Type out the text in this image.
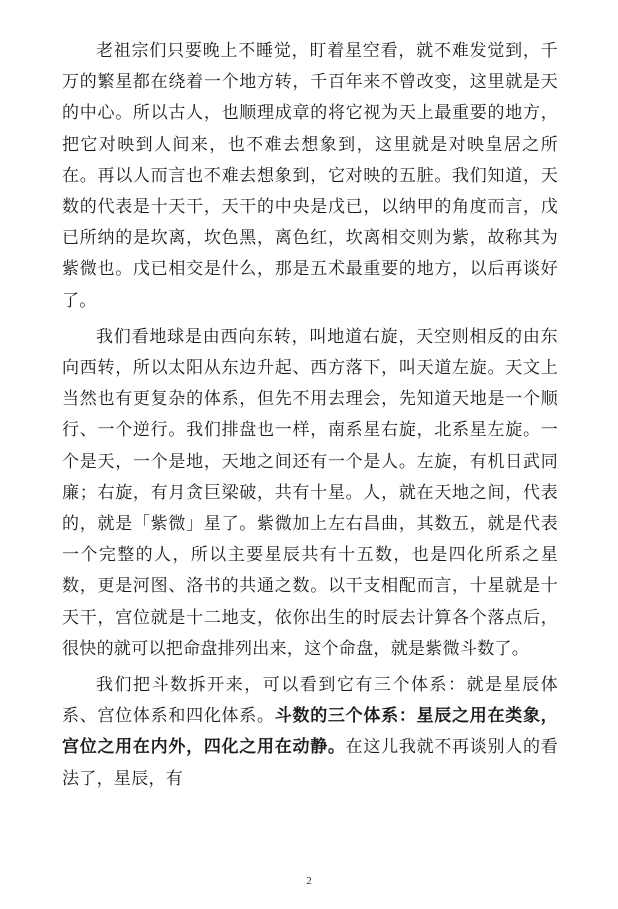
老祖宗们只要晚上不睡觉，盯着星空看，就不难发觉到，千万的繁星都在绕着一个地方转，千百年来不曾改变，这里就是天的中心。所以古人，也顺理成章的将它视为天上最重要的地方，把它对映到人间来，也不难去想象到，这里就是对映皇居之所在。再以人而言也不难去想象到，它对映的五脏。我们知道，天数的代表是十天干，天干的中央是戊已，以纳甲的角度而言，戊已所纳的是坎离，坎色黑，离色红，坎离相交则为紫，故称其为紫微也。戊已相交是什么，那是五术最重要的地方，以后再谈好了。

我们看地球是由西向东转，叫地道右旋，天空则相反的由东向西转，所以太阳从东边升起、西方落下，叫天道左旋。天文上当然也有更复杂的体系，但先不用去理会，先知道天地是一个顺行、一个逆行。我们排盘也一样，南系星右旋，北系星左旋。一个是天，一个是地，天地之间还有一个是人。左旋，有机日武同廉；右旋，有月贪巨梁破，共有十星。人，就在天地之间，代表的，就是「紫微」星了。紫微加上左右昌曲，其数五，就是代表一个完整的人，所以主要星辰共有十五数，也是四化所系之星数，更是河图、洛书的共通之数。以干支相配而言，十星就是十天干，宫位就是十二地支，依你出生的时辰去计算各个落点后，很快的就可以把命盘排列出来，这个命盘，就是紫微斗数了。

我们把斗数拆开来，可以看到它有三个体系：就是星辰体系、宫位体系和四化体系。斗数的三个体系：星辰之用在类象，宫位之用在内外，四化之用在动静。在这儿我就不再谈别人的看法了，星辰，有

2
